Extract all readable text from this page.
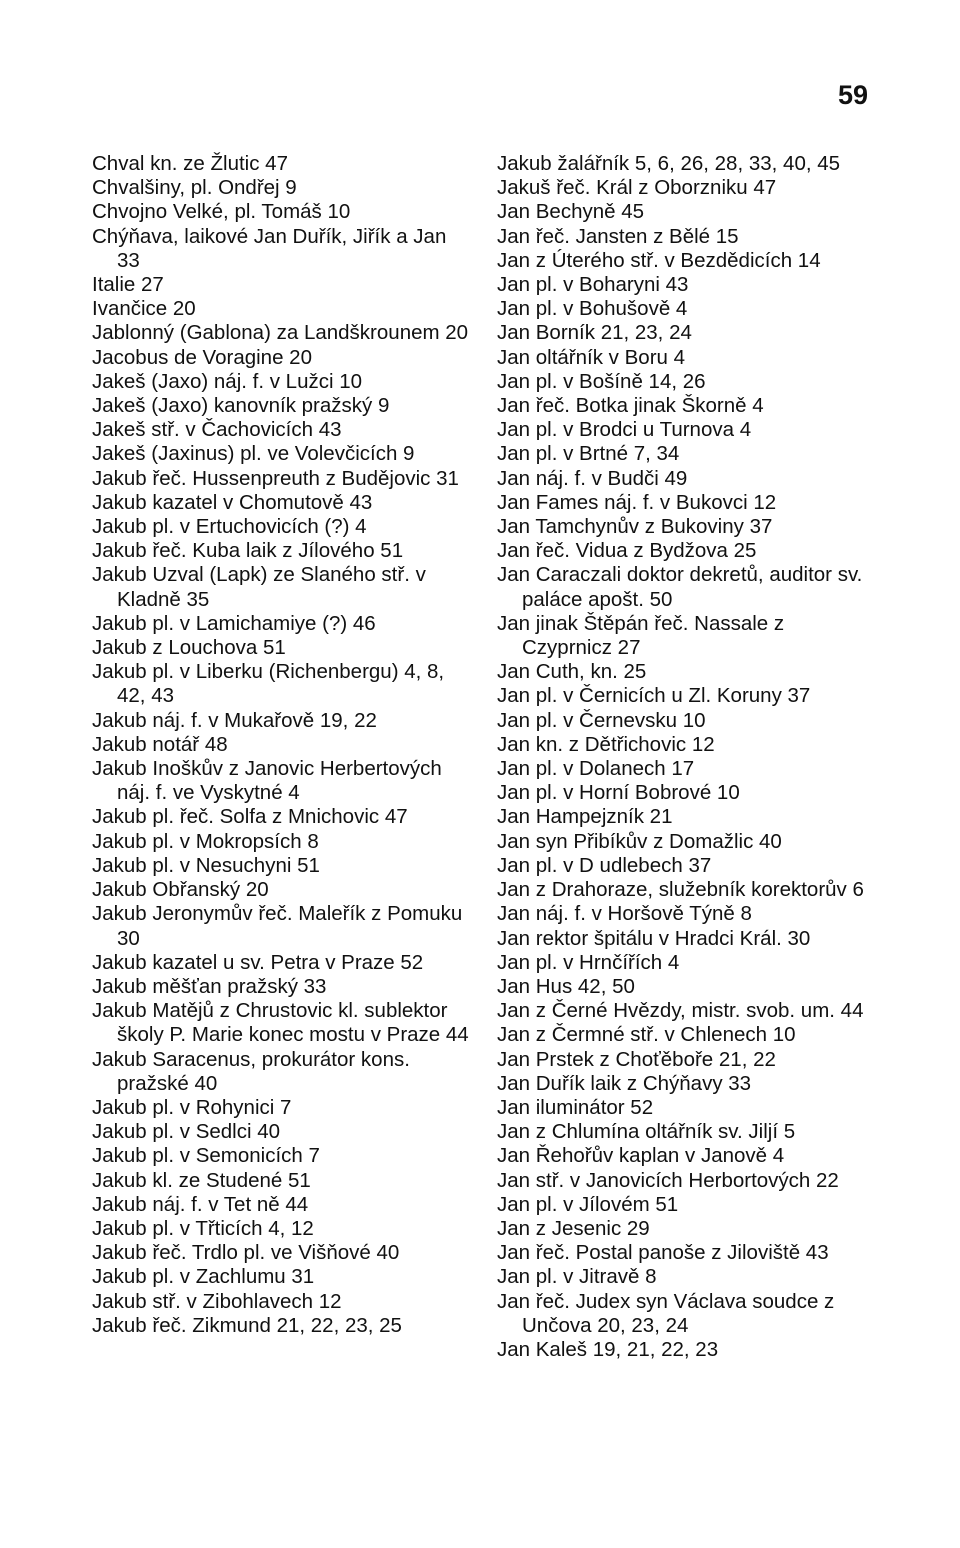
59

Chval kn. ze Žlutic 47

Chvalšiny, pl. Ondřej 9

Chvojno Velké, pl. Tomáš 10

Chýňava, laikové Jan Duřík, Jiřík a Jan 33

Italie 27

Ivančice 20

Jablonný (Gablona) za Landškrounem 20

Jacobus de Voragine 20

Jakeš (Jaxo) náj. f. v Lužci 10

Jakeš (Jaxo) kanovník pražský 9

Jakeš stř. v Čachovicích 43

Jakeš (Jaxinus) pl. ve Volevčicích 9

Jakub řeč. Hussenpreuth z Budějovic 31

Jakub kazatel v Chomutově 43

Jakub pl. v Ertuchovicích (?) 4

Jakub řeč. Kuba laik z Jílového 51

Jakub Uzval (Lapk) ze Slaného stř. v Kladně 35

Jakub pl. v Lamichamiye (?) 46

Jakub z Louchova 51

Jakub pl. v Liberku (Richenbergu) 4, 8, 42, 43

Jakub náj. f. v Mukařově 19, 22

Jakub notář 48

Jakub Inoškův z Janovic Herbertových náj. f. ve Vyskytné 4

Jakub pl. řeč. Solfa z Mnichovic 47

Jakub pl. v Mokropsích 8

Jakub pl. v Nesuchyni 51

Jakub Obřanský 20

Jakub Jeronymův řeč. Maleřík z Pomuku 30

Jakub kazatel u sv. Petra v Praze 52

Jakub měšťan pražský 33

Jakub Matějů z Chrustovic kl. sublektor školy P. Marie konec mostu v Praze 44

Jakub Saracenus, prokurátor kons. pražské 40

Jakub pl. v Rohynici 7

Jakub pl. v Sedlci 40

Jakub pl. v Semonicích 7

Jakub kl. ze Studené 51

Jakub náj. f. v Tet ně 44

Jakub pl. v Třticích 4, 12

Jakub řeč. Trdlo pl. ve Višňové 40

Jakub pl. v Zachlumu 31

Jakub stř. v Zibohlavech 12

Jakub řeč. Zikmund 21, 22, 23, 25

Jakub žalářník 5, 6, 26, 28, 33, 40, 45

Jakuš řeč. Král z Oborzniku 47

Jan Bechyně 45

Jan řeč. Jansten z Bělé 15

Jan z Úterého stř. v Bezdědicích 14

Jan pl. v Boharyni 43

Jan pl. v Bohušově 4

Jan Borník 21, 23, 24

Jan oltářník v Boru 4

Jan pl. v Bošíně 14, 26

Jan řeč. Botka jinak Škorně 4

Jan pl. v Brodci u Turnova 4

Jan pl. v Brtné 7, 34

Jan náj. f. v Budči 49

Jan Fames náj. f. v Bukovci 12

Jan Tamchynův z Bukoviny 37

Jan řeč. Vidua z Bydžova 25

Jan Caraczali doktor dekretů, auditor sv. paláce apošt. 50

Jan jinak Štěpán řeč. Nassale z Czyprnicz 27

Jan Cuth, kn. 25

Jan pl. v Černicích u Zl. Koruny 37

Jan pl. v Černevsku 10

Jan kn. z Dětřichovic 12

Jan pl. v Dolanech 17

Jan pl. v Horní Bobrové 10

Jan Hampejzník 21

Jan syn Přibíkův z Domažlic 40

Jan pl. v D udlebech 37

Jan z Drahoraze, služebník korektorův 6

Jan náj. f. v Horšově Týně 8

Jan rektor špitálu v Hradci Král. 30

Jan pl. v Hrnčířích 4

Jan Hus 42, 50

Jan z Černé Hvězdy, mistr. svob. um. 44

Jan z Čermné stř. v Chlenech 10

Jan Prstek z Choťěboře 21, 22

Jan Duřík laik z Chýňavy 33

Jan iluminátor 52

Jan z Chlumína oltářník sv. Jiljí 5

Jan Řehořův kaplan v Janově 4

Jan stř. v Janovicích Herbortových 22

Jan pl. v Jílovém 51

Jan z Jesenic 29

Jan řeč. Postal panoše z Jiloviště 43

Jan pl. v Jitravě 8

Jan řeč. Judex syn Václava soudce z Unčova 20, 23, 24

Jan Kaleš 19, 21, 22, 23
